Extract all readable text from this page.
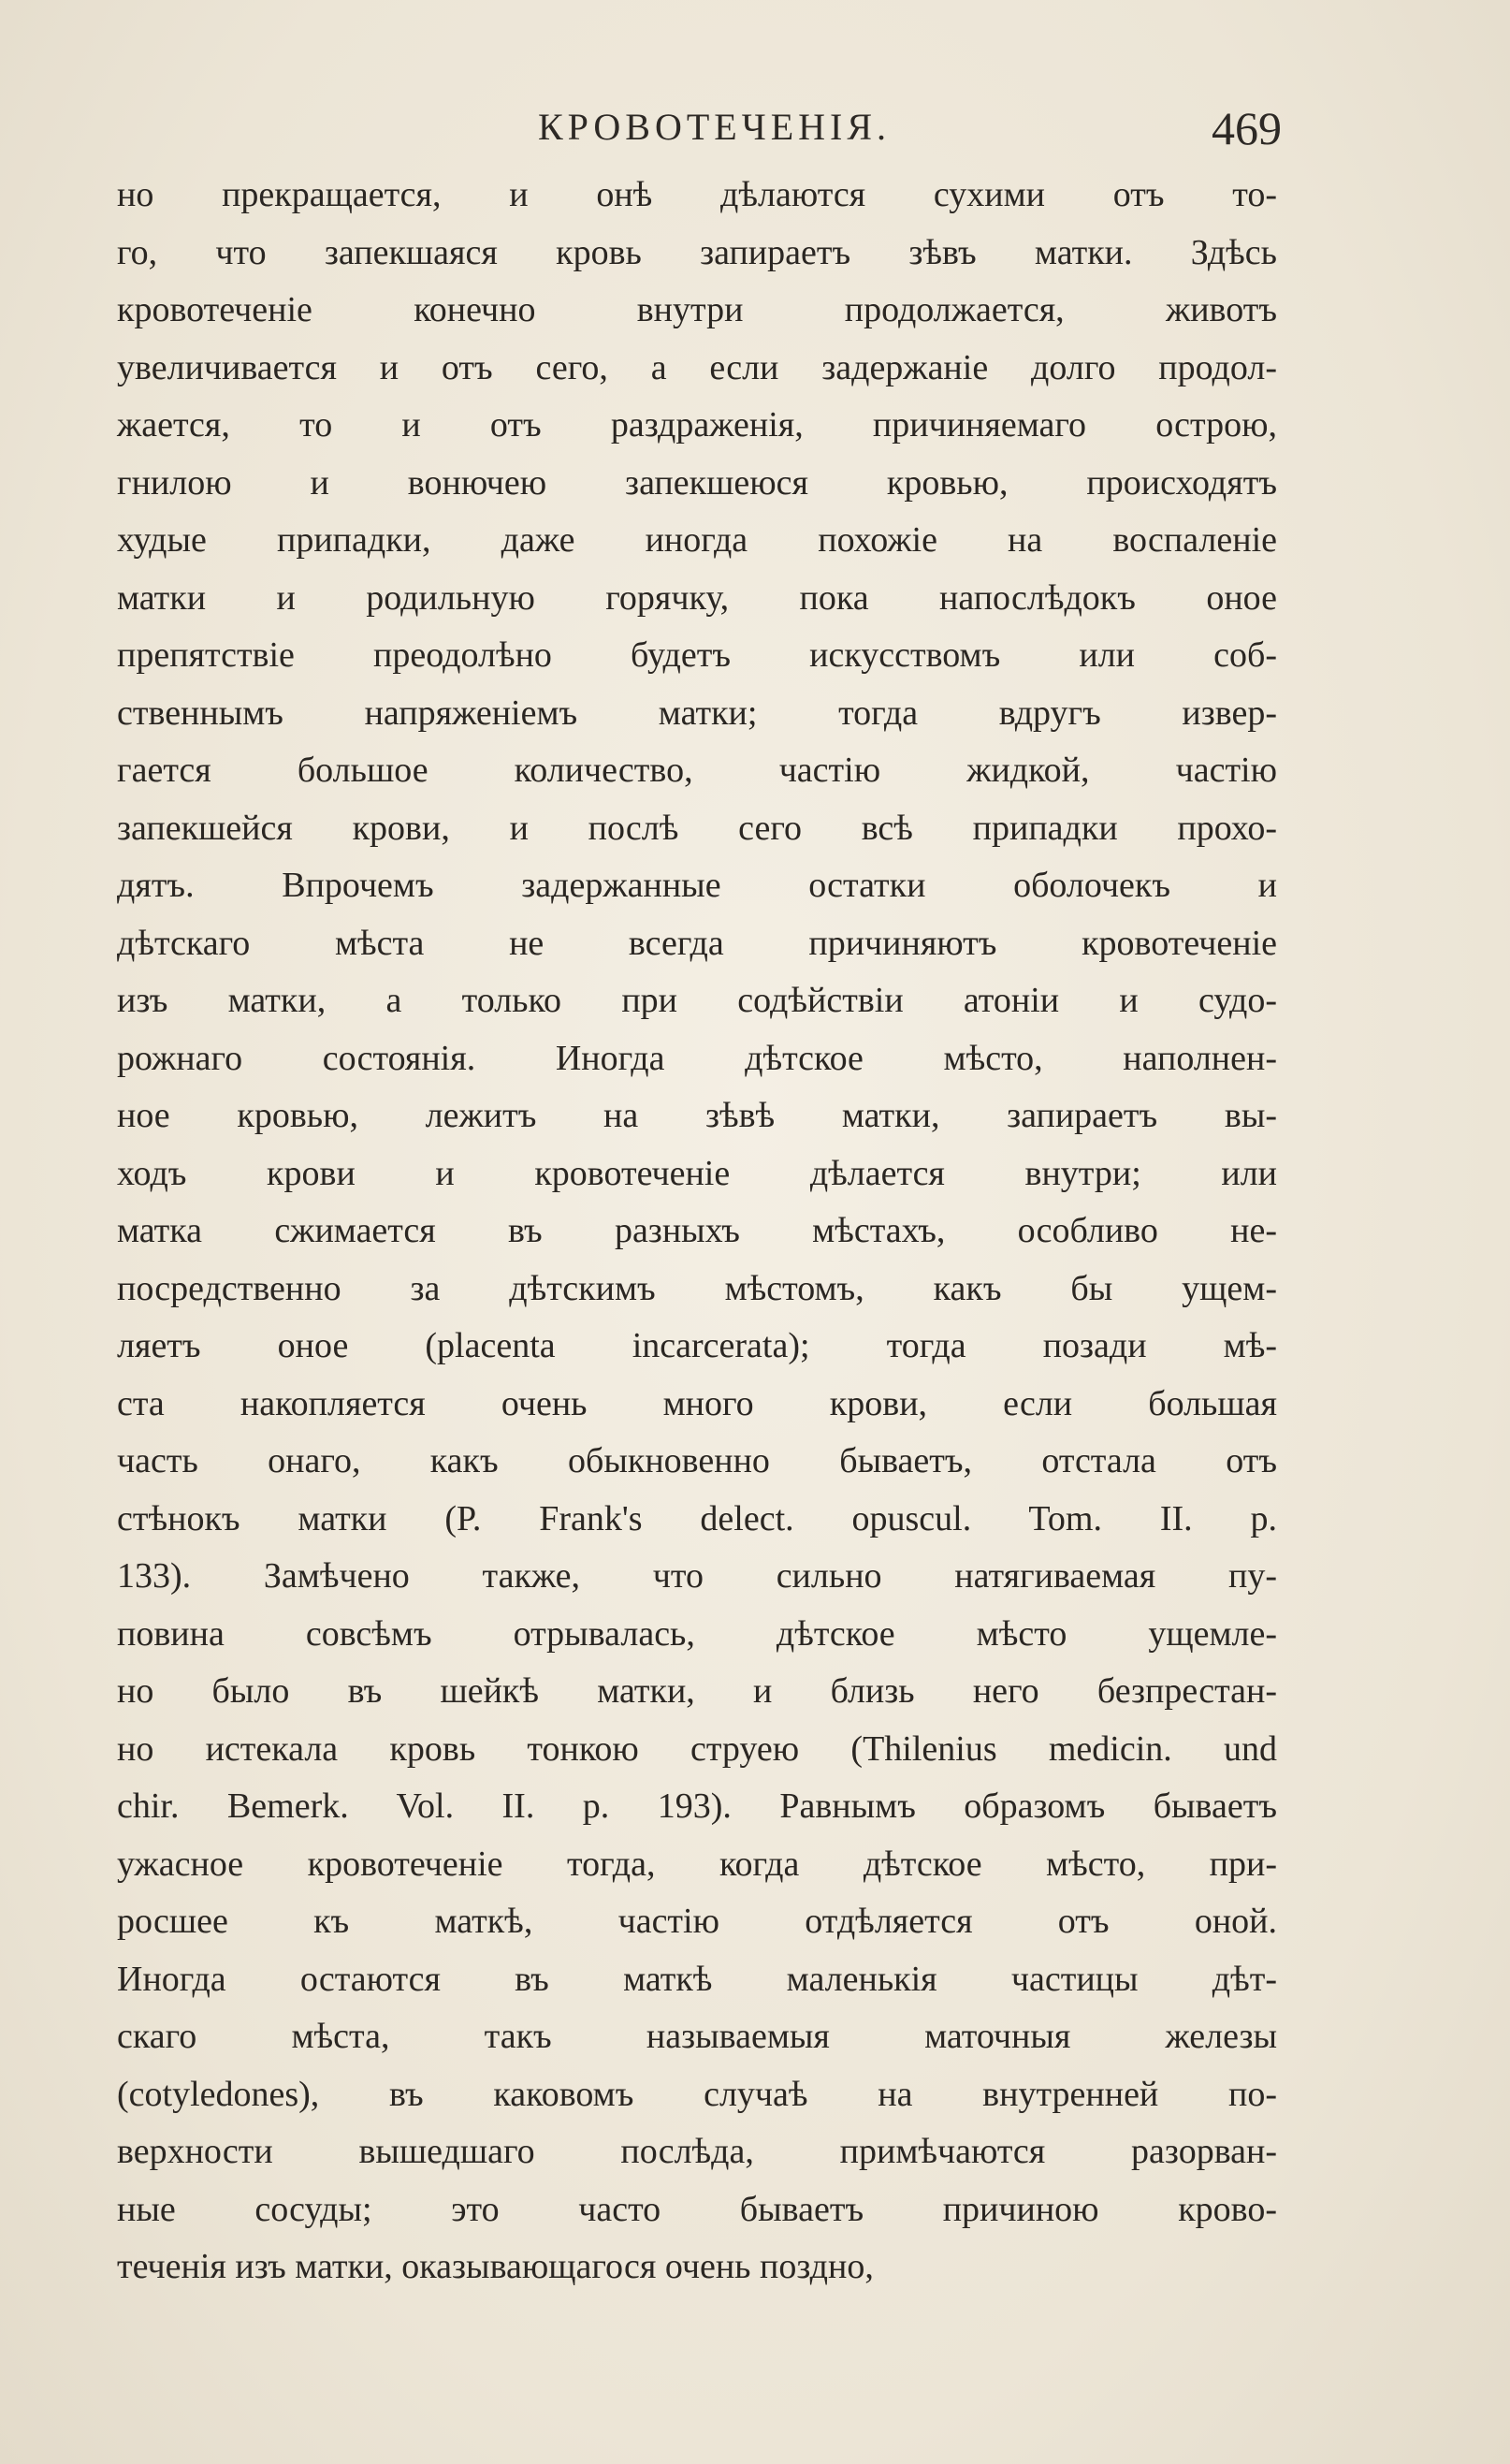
КРОВОТЕЧЕНІЯ.	469
но прекращается, и онѣ дѣлаются сухими отъ то-
го, что запекшаяся кровь запираетъ зѣвъ матки. Здѣсь
кровотеченіе конечно внутри продолжается, животъ
увеличивается и отъ сего, а если задержаніе долго продол-
жается, то и отъ раздраженія, причиняемаго острою,
гнилою и вонючею запекшеюся кровью, происходятъ
худые припадки, даже иногда похожіе на воспаленіе
матки и родильную горячку, пока напослѣдокъ оное
препятствіе преодолѣно будетъ искусствомъ или соб-
ственнымъ напряженіемъ матки; тогда вдругъ извер-
гается большое количество, частію жидкой, частію
запекшейся крови, и послѣ сего всѣ припадки прохо-
дятъ. Впрочемъ задержанные остатки оболочекъ и
дѣтскаго мѣста не всегда причиняютъ кровотеченіе
изъ матки, а только при содѣйствіи атоніи и судо-
рожнаго состоянія. Иногда дѣтское мѣсто, наполнен-
ное кровью, лежитъ на зѣвѣ матки, запираетъ вы-
ходъ крови и кровотеченіе дѣлается внутри; или
матка сжимается въ разныхъ мѣстахъ, особливо не-
посредственно за дѣтскимъ мѣстомъ, какъ бы ущем-
ляетъ оное (placenta incarcerata); тогда позади мѣ-
ста накопляется очень много крови, если большая
часть онаго, какъ обыкновенно бываетъ, отстала отъ
стѣнокъ матки (P. Frank's delect. opuscul. Tom. II. p.
133). Замѣчено также, что сильно натягиваемая пу-
повина совсѣмъ отрывалась, дѣтское мѣсто ущемле-
но было въ шейкѣ матки, и близь него безпрестан-
но истекала кровь тонкою струею (Thilenius medicin. und
chir. Bemerk. Vol. II. p. 193). Равнымъ образомъ бываетъ
ужасное кровотеченіе тогда, когда дѣтское мѣсто, при-
росшее къ маткѣ, частію отдѣляется отъ оной.
Иногда остаются въ маткѣ маленькія частицы дѣт-
скаго мѣста, такъ называемыя маточныя железы
(cotyledones), въ каковомъ случаѣ на внутренней по-
верхности вышедшаго послѣда, примѣчаются разорван-
ные сосуды; это часто бываетъ причиною крово-
теченія изъ матки, оказывающагося очень поздно,
